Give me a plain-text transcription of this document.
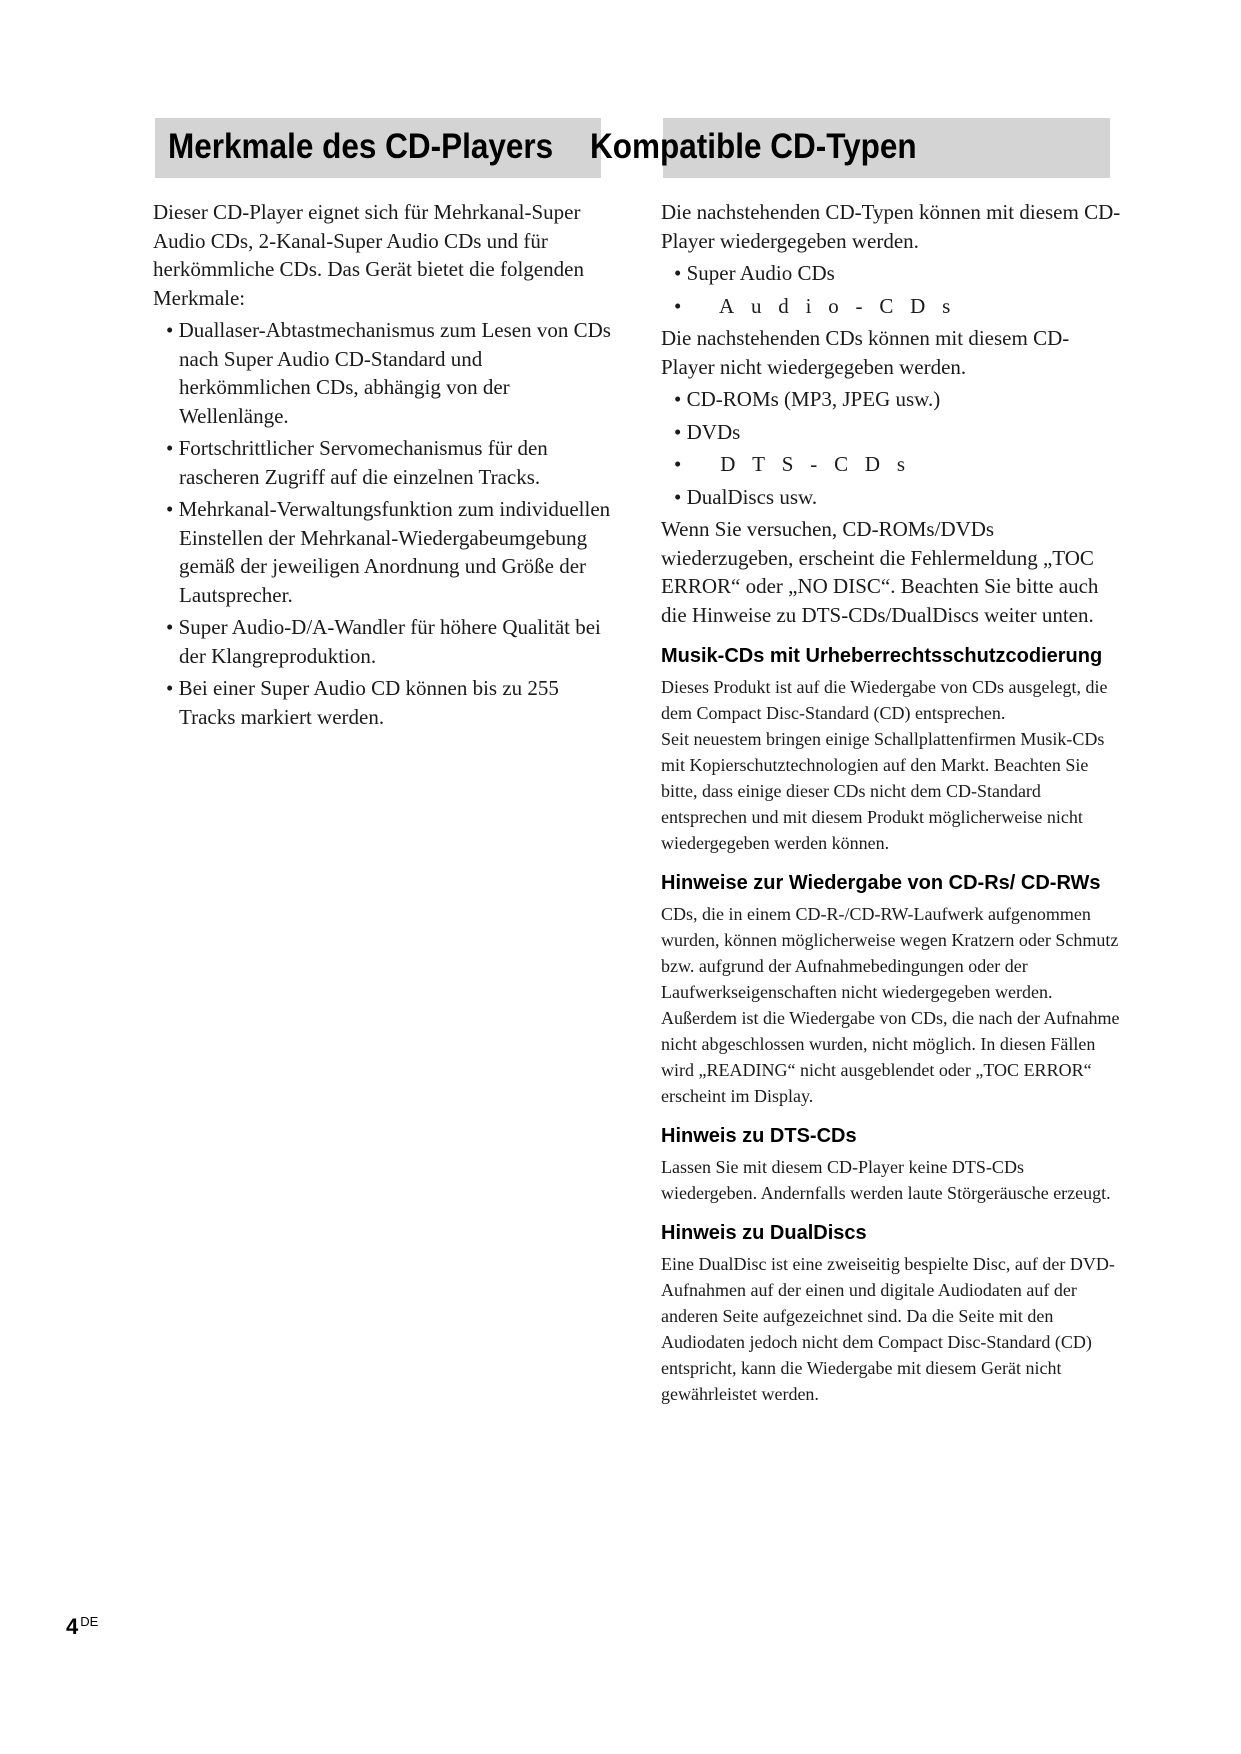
Merkmale des CD-Players Kompatible CD-Typen

Dieser CD-Player eignet sich für Mehrkanal-Super Audio CDs, 2-Kanal-Super Audio CDs und für herkömmliche CDs. Das Gerät bietet die folgenden Merkmale:

• Duallaser-Abtastmechanismus zum Lesen von CDs nach Super Audio CD-Standard und herkömmlichen CDs, abhängig von der Wellenlänge.
• Fortschrittlicher Servomechanismus für den rascheren Zugriff auf die einzelnen Tracks.
• Mehrkanal-Verwaltungsfunktion zum individuellen Einstellen der Mehrkanal-Wiedergabeumgebung gemäß der jeweiligen Anordnung und Größe der Lautsprecher.
• Super Audio-D/A-Wandler für höhere Qualität bei der Klangreproduktion.
• Bei einer Super Audio CD können bis zu 255 Tracks markiert werden.

Die nachstehenden CD-Typen können mit diesem CD-Player wiedergegeben werden.

• Super Audio CDs
• Audio-CDs

Die nachstehenden CDs können mit diesem CD-Player nicht wiedergegeben werden.

• CD-ROMs (MP3, JPEG usw.)
• DVDs
• DTS-CDs
• DualDiscs usw.

Wenn Sie versuchen, CD-ROMs/DVDs wiederzugeben, erscheint die Fehlermeldung „TOC ERROR“ oder „NO DISC“. Beachten Sie bitte auch die Hinweise zu DTS-CDs/DualDiscs weiter unten.

Musik-CDs mit Urheberrechtsschutzcodierung

Dieses Produkt ist auf die Wiedergabe von CDs ausgelegt, die dem Compact Disc-Standard (CD) entsprechen.

Seit neuestem bringen einige Schallplattenfirmen Musik-CDs mit Kopierschutztechnologien auf den Markt. Beachten Sie bitte, dass einige dieser CDs nicht dem CD-Standard entsprechen und mit diesem Produkt möglicherweise nicht wiedergegeben werden können.

Hinweise zur Wiedergabe von CD-Rs/ CD-RWs

CDs, die in einem CD-R-/CD-RW-Laufwerk aufgenommen wurden, können möglicherweise wegen Kratzern oder Schmutz bzw. aufgrund der Aufnahmebedingungen oder der Laufwerkseigenschaften nicht wiedergegeben werden. Außerdem ist die Wiedergabe von CDs, die nach der Aufnahme nicht abgeschlossen wurden, nicht möglich. In diesen Fällen wird „READING“ nicht ausgeblendet oder „TOC ERROR“ erscheint im Display.

Hinweis zu DTS-CDs

Lassen Sie mit diesem CD-Player keine DTS-CDs wiedergeben. Andernfalls werden laute Störgeräusche erzeugt.

Hinweis zu DualDiscs

Eine DualDisc ist eine zweiseitig bespielte Disc, auf der DVD-Aufnahmen auf der einen und digitale Audiodaten auf der anderen Seite aufgezeichnet sind. Da die Seite mit den Audiodaten jedoch nicht dem Compact Disc-Standard (CD) entspricht, kann die Wiedergabe mit diesem Gerät nicht gewährleistet werden.

4 $^{DE}$
